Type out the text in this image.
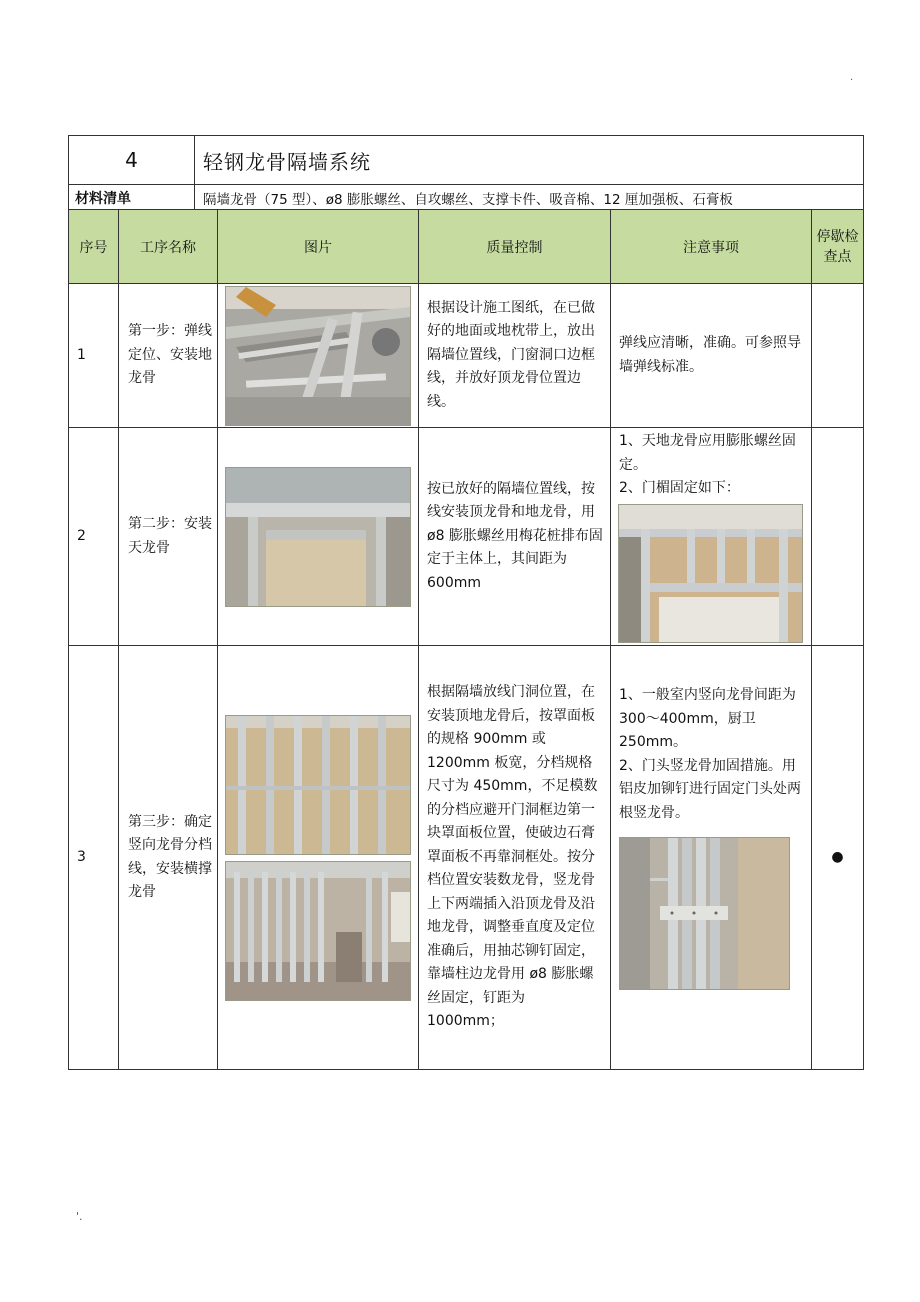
.
4	轻钢龙骨隔墙系统
材料清单	隔墙龙骨（75 型）、ø8 膨胀螺丝、自攻螺丝、支撑卡件、吸音棉、12 厘加强板、石膏板
序号	工序名称	图片	质量控制	注意事项	停歇检查点
1	第一步：弹线定位、安装地龙骨		根据设计施工图纸，在已做好的地面或地枕带上，放出隔墙位置线，门窗洞口边框线，并放好顶龙骨位置边线。	弹线应清晰，准确。可参照导墙弹线标准。	

2	第二步：安装天龙骨		按已放好的隔墙位置线，按线安装顶龙骨和地龙骨，用 ø8 膨胀螺丝用梅花桩排布固定于主体上，其间距为 600mm	1、天地龙骨应用膨胀螺丝固定。
2、门楣固定如下：	

3	第三步：确定竖向龙骨分档线，安装横撑龙骨		根据隔墙放线门洞位置，在安装顶地龙骨后，按罩面板的规格 900mm 或 1200mm 板宽，分档规格尺寸为 450mm，不足模数的分档应避开门洞框边第一块罩面板位置，使破边石膏罩面板不再靠洞框处。按分档位置安装数龙骨，竖龙骨上下两端插入沿顶龙骨及沿地龙骨，调整垂直度及定位准确后，用抽芯铆钉固定，靠墙柱边龙骨用 ø8 膨胀螺丝固定，钉距为 1000mm；	1、一般室内竖向龙骨间距为 300～400mm，厨卫 250mm。
2、门头竖龙骨加固措施。用铝皮加铆钉进行固定门头处两根竖龙骨。	●
'.
